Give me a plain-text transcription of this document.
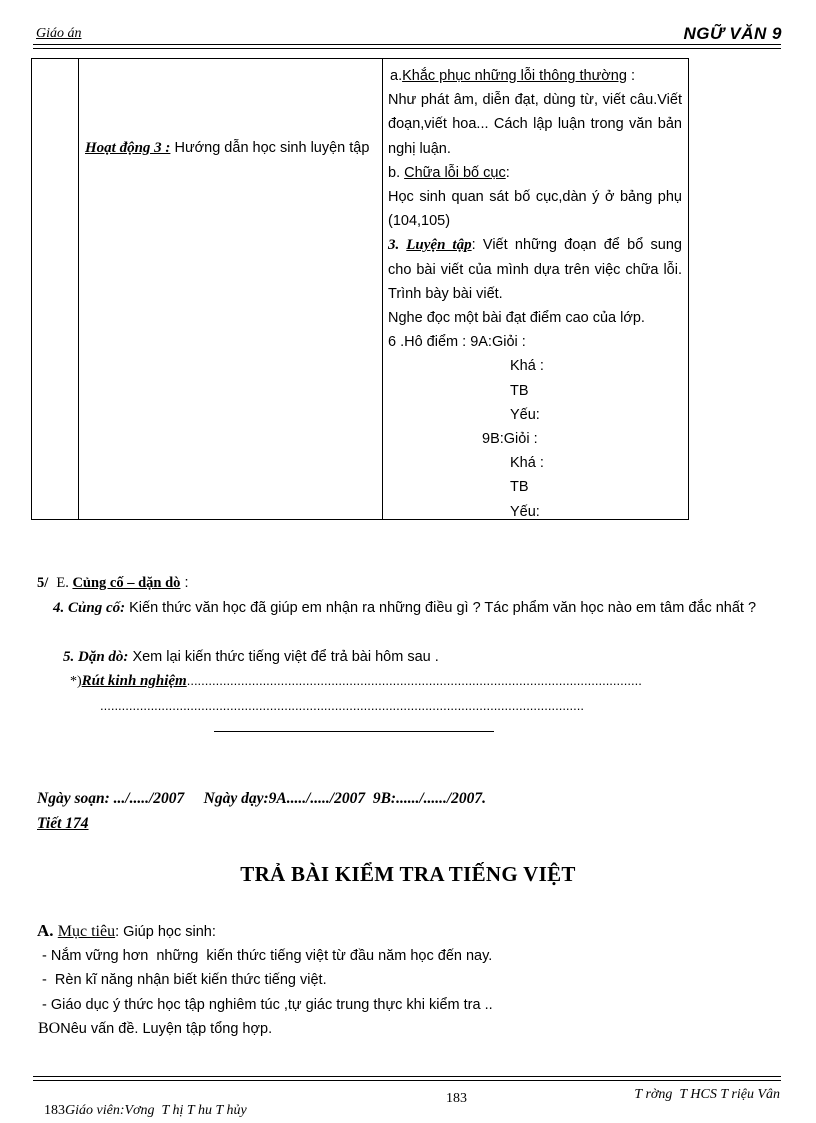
Giáo án	NGỮ VĂN 9
Hoạt động 3 : Hướng dẫn học sinh luyện tập

a.Khắc phục những lỗi thông thường :

Như phát âm, diễn đạt, dùng từ, viết câu.Viết đoạn,viết hoa... Cách lập luận trong văn bản nghị luận.

b. Chữa lỗi bố cục:

Học sinh quan sát bố cục,dàn ý ở bảng phụ (104,105)

3. Luyện tập: Viết những đoạn để bổ sung cho bài viết của mình dựa trên việc chữa lỗi. Trình bày bài viết.

Nghe đọc một bài đạt điểm cao của lớp.

6 .Hô điểm : 9A:Giỏi :

Khá :

TB

Yếu:

9B:Giỏi :

Khá :

TB

Yếu:

5/ E. Củng cố – dặn dò :
4. Củng cố: Kiến thức văn học đã giúp em nhận ra những điều gì ? Tác phẩm văn học nào em tâm đắc nhất ?
5. Dặn dò: Xem lại kiến thức tiếng việt để trả bài hôm sau .
*)Rút kinh nghiệm..............................................................................................................................
......................................................................................................................................
Ngày soạn: .../...../2007     Ngày dạy:9A...../...../2007  9B:....../....../2007.
Tiết 174
TRẢ BÀI KIỂM TRA TIẾNG VIỆT
A. Mục tiêu: Giúp học sinh:
- Nắm vững hơn  những  kiến thức tiếng việt từ đầu năm học đến nay.
-  Rèn kĩ năng nhận biết kiến thức tiếng việt.
- Giáo dục ý thức học tập nghiêm túc ,tự giác trung thực khi kiểm tra ..
BONêu vấn đề. Luyện tập tổng hợp.

183Giáo viên:Vơng  T hị T hu T hủy

183	T rờng  T HCS T riệu Vân
